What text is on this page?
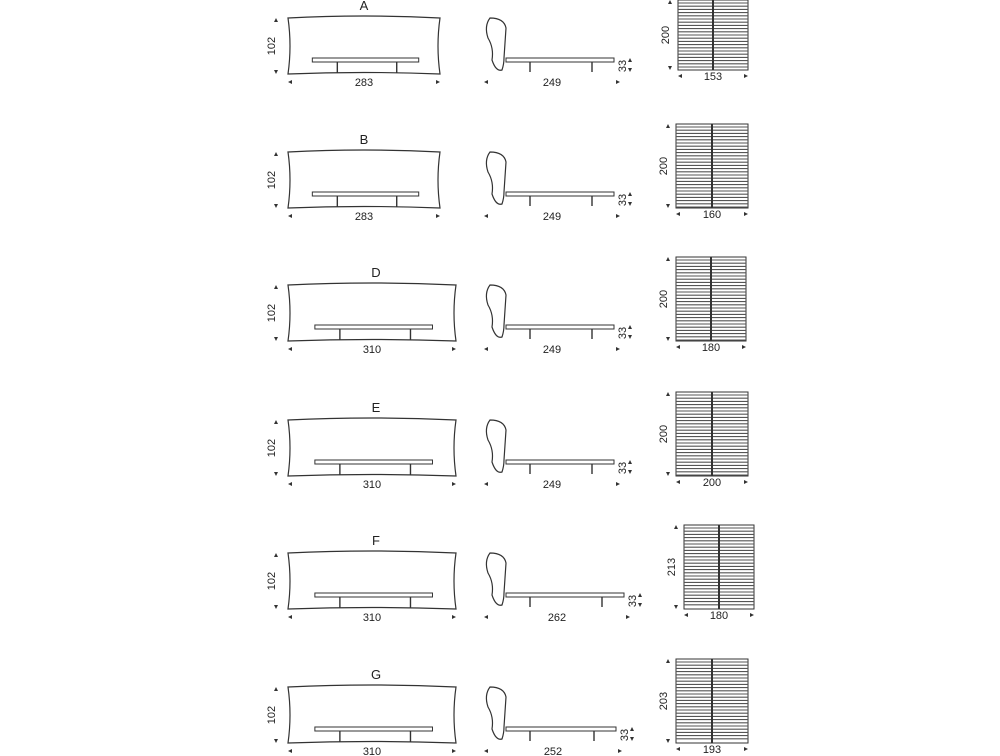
A
102
283	249
33
200
153
B
102
283	249
33
200
160
D
102
310	249
33
200
180
E
102
310	249
33
200
200
F
102
310	262
33
213
180
G
102
310	252
33
203
193
